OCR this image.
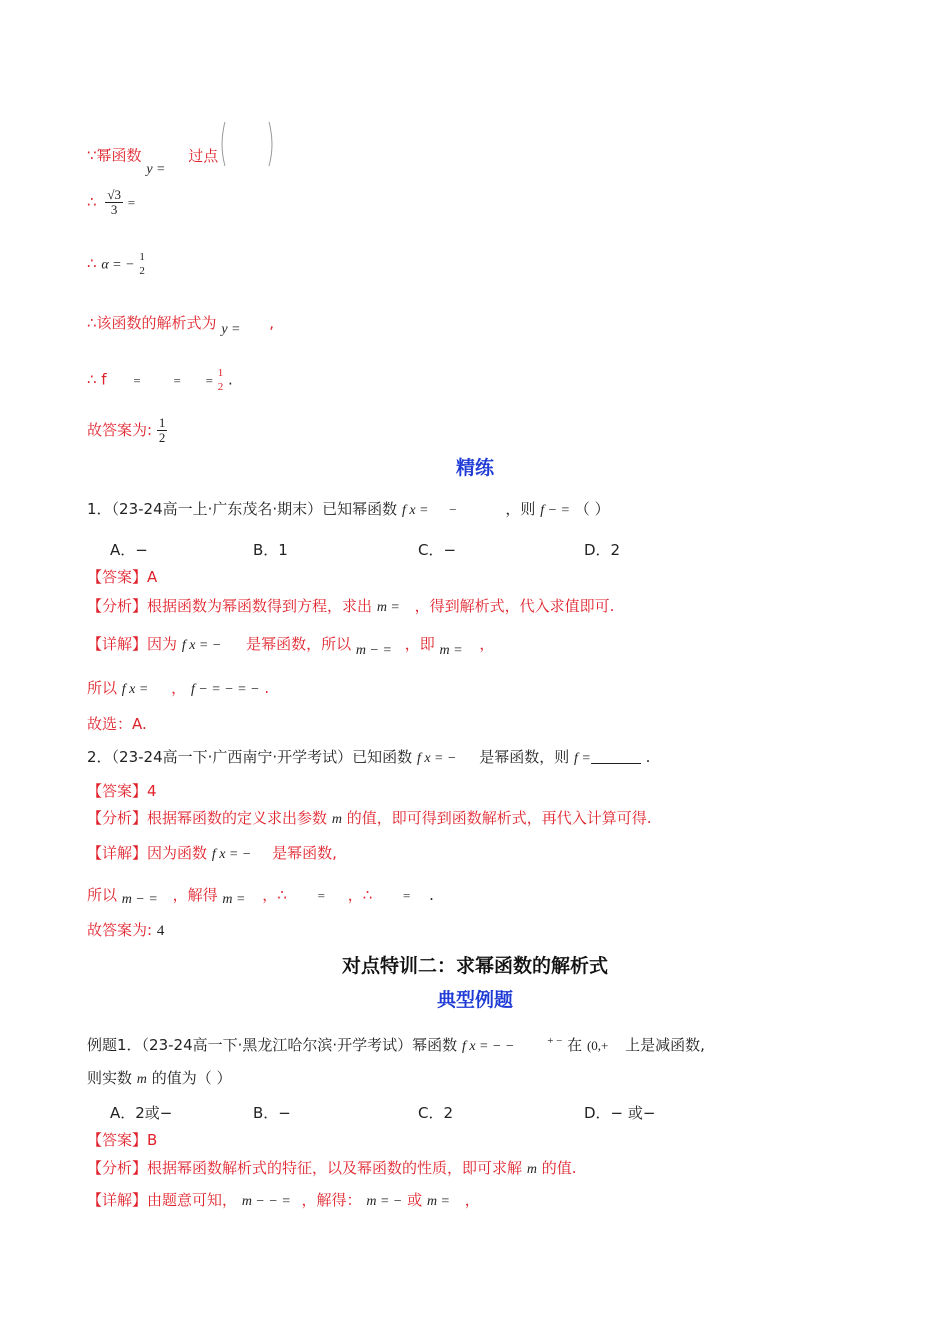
∵幂函数 y = 过点
∴ $\frac{√3}{3}$ =
∴ α = −
1
2
∴该函数的解析式为 y = ,
∴ f =	= = 1
2 .
故答案为: $\frac{1}{2}$
精练
1．（23-24高一上·广东茂名·期末）已知幂函数 f x = −	，则 f − = （ ）
A．−	B．1	C．−	D．2
【答案】A
【分析】根据函数为幂函数得到方程，求出 m = ，得到解析式，代入求值即可.
【详解】因为 f x = − 是幂函数，所以 m − = ，即 m = ，
所以 f x = ， f − = − = − .
故选：A.
2．（23-24高一下·广西南宁·开学考试）已知函数 f x = − 是幂函数，则 f =	.
【答案】4
【分析】根据幂函数的定义求出参数 m 的值，即可得到函数解析式，再代入计算可得.
【详解】因为函数 f x = − 是幂函数,
所以 m − = ，解得 m = ，∴ = ，∴ = .
故答案为: 4
对点特训二：求幂函数的解析式
典型例题
例题1．（23-24高一下·黑龙江哈尔滨·开学考试）幂函数 f x = − −	+ − 在 (0,+ 上是减函数,
则实数 m 的值为（ ）
A．2或−	B．−	C．2	D．− 或−
【答案】B
【分析】根据幂函数解析式的特征，以及幂函数的性质，即可求解 m 的值.
【详解】由题意可知， m − − = ，解得： m = − 或 m = ，
